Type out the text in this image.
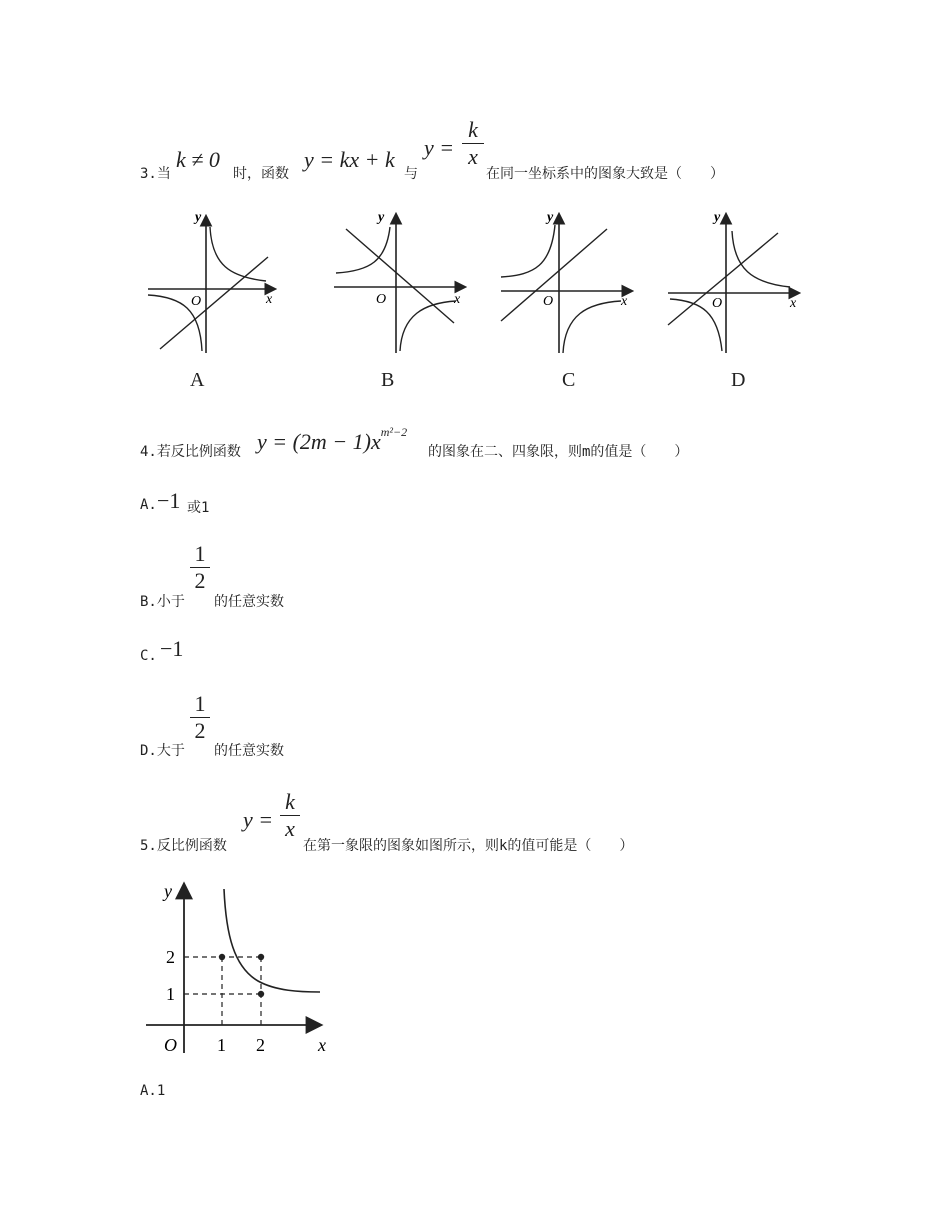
3.当
k ≠ 0
时，函数
y = kx + k
与
y =
k
x
在同一坐标系中的图象大致是（　　）
y
x
O
A
y
x
O
B
y
x
O
C
y
x
O
D
4.若反比例函数 $y = (2m - 1)x^{m^2-2}$
的图象在二、四象限，则m的值是（　　）
A. −1 或1
B.小于
1
2
的任意实数
C. −1
D.大于
1
2
的任意实数
5.反比例函数
y =
k
x
在第一象限的图象如图所示，则k的值可能是（　　）
y
x
O 1 2
2
1
A.1
